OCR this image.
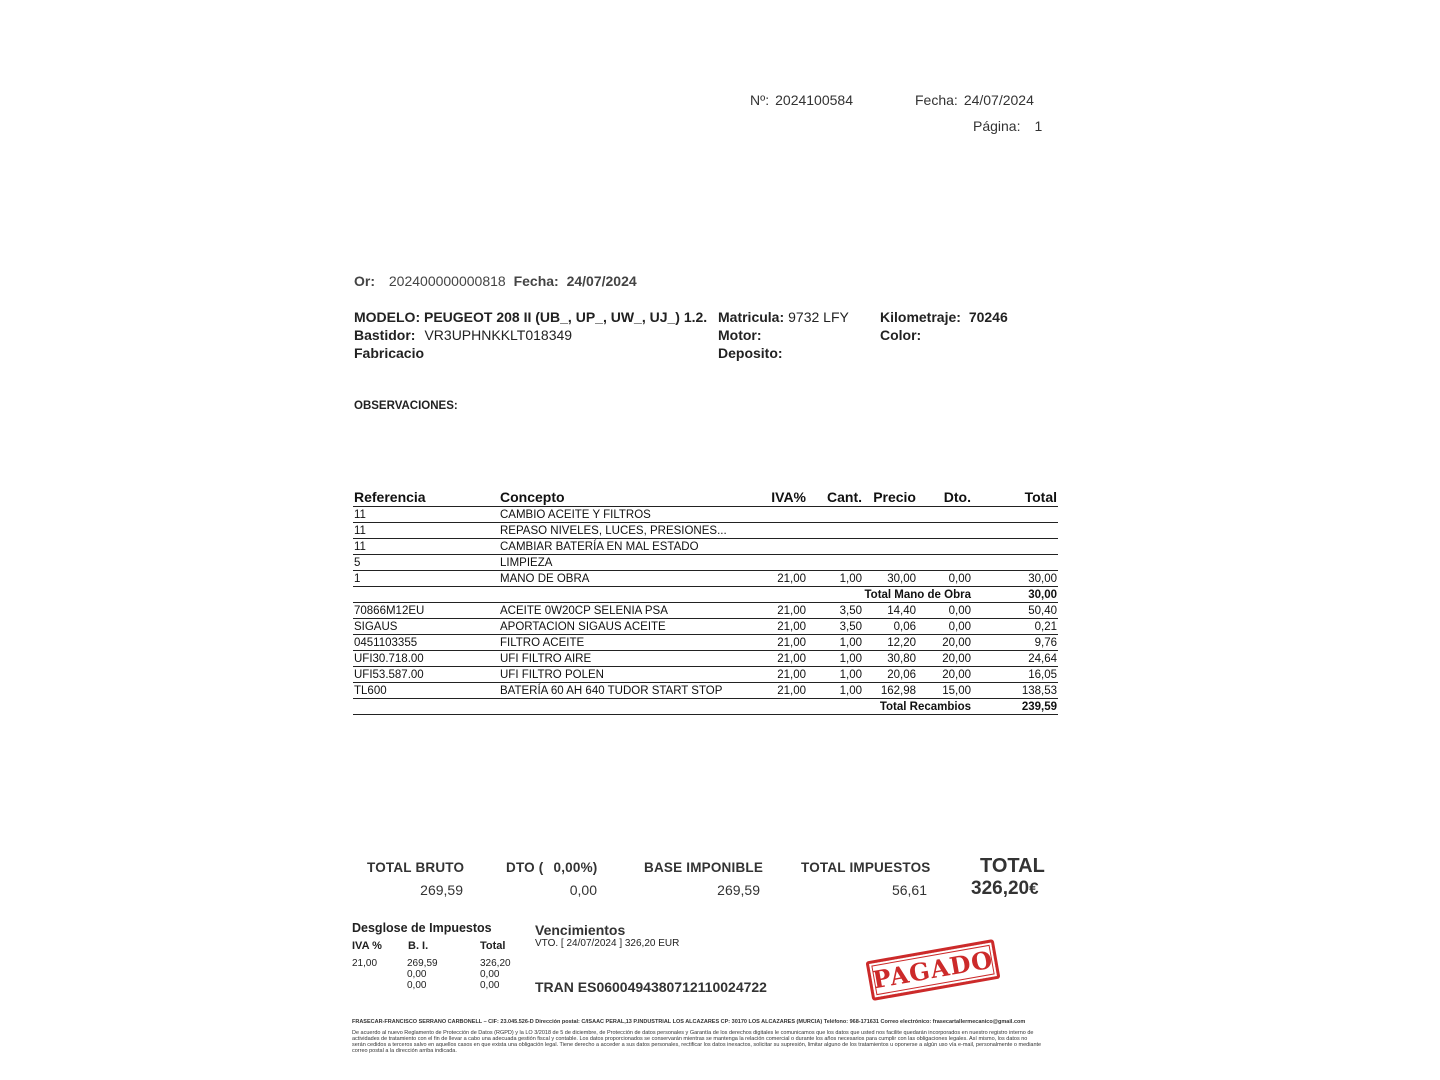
Nº: 2024100584	Fecha: 24/07/2024
Página: 1
Or: 202400000000818 Fecha: 24/07/2024
MODELO: PEUGEOT 208 II (UB_, UP_, UW_, UJ_) 1.2. Matricula: 9732 LFY Kilometraje: 70246
Bastidor: VR3UPHNKKLT018349	Motor:	Color:
Fabricacio	Deposito:
OBSERVACIONES:
Referencia	Concepto	IVA%	Cant.	Precio	Dto.	Total
11	CAMBIO ACEITE Y FILTROS					
11	REPASO NIVELES, LUCES, PRESIONES...					
11	CAMBIAR BATERÍA EN MAL ESTADO					
5	LIMPIEZA					
1	MANO DE OBRA	21,00	1,00	30,00	0,00	30,00
Total Mano de Obra						30,00
70866M12EU	ACEITE 0W20CP SELENIA PSA	21,00	3,50	14,40	0,00	50,40
SIGAUS	APORTACION SIGAUS ACEITE	21,00	3,50	0,06	0,00	0,21
0451103355	FILTRO ACEITE	21,00	1,00	12,20	20,00	9,76
UFI30.718.00	UFI FILTRO AIRE	21,00	1,00	30,80	20,00	24,64
UFI53.587.00	UFI FILTRO POLEN	21,00	1,00	20,06	20,00	16,05
TL600	BATERÍA 60 AH 640 TUDOR START STOP	21,00	1,00	162,98	15,00	138,53
Total Recambios						239,59
TOTAL BRUTO
269,59
DTO ( 0,00%)
0,00
BASE IMPONIBLE
269,59
TOTAL IMPUESTOS
56,61
TOTAL
326,20€
Desglose de Impuestos
IVA % B. I.	Total
21,00	269,59	326,20
0,00	0,00
0,00	0,00
Vencimientos
VTO. [ 24/07/2024 ] 326,20 EUR
TRAN ES0600494380712110024722	PAGADO
FRASECAR-FRANCISCO SERRANO CARBONELL – CIF: 23.045.526-D Dirección postal: C/ISAAC PERAL,13 P.INDUSTRIAL LOS ALCAZARES CP: 30170 LOS ALCAZARES (MURCIA) Teléfono: 968-171631 Correo electrónico: frasecartallermecanico@gmail.com
De acuerdo al nuevo Reglamento de Protección de Datos (RGPD) y la LO 3/2018 de 5 de diciembre, de Protección de datos personales y Garantía de los derechos digitales le comunicamos que los datos que usted nos facilite quedarán incorporados en nuestro registro interno de actividades de tratamiento con el fin de llevar a cabo una adecuada gestión fiscal y contable. Los datos proporcionados se conservarán mientras se mantenga la relación comercial o durante los años necesarios para cumplir con las obligaciones legales. Así mismo, los datos no serán cedidos a terceros salvo en aquellos casos en que exista una obligación legal. Tiene derecho a acceder a sus datos personales, rectificar los datos inexactos, solicitar su supresión, limitar alguno de los tratamientos u oponerse a algún uso vía e-mail, personalmente o mediante correo postal a la dirección arriba indicada.
